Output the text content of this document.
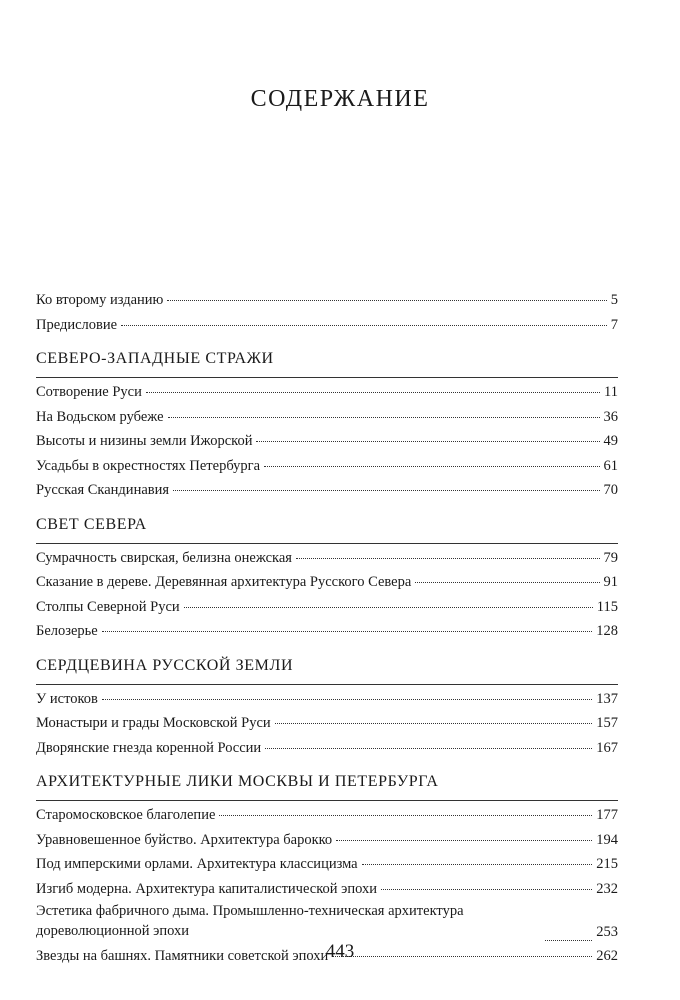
СОДЕРЖАНИЕ
Ко второму изданию	5
Предисловие	7
СЕВЕРО-ЗАПАДНЫЕ СТРАЖИ
Сотворение Руси	11
На Водьском рубеже	36
Высоты и низины земли Ижорской	49
Усадьбы в окрестностях Петербурга	61
Русская Скандинавия	70
СВЕТ СЕВЕРА
Сумрачность свирская, белизна онежская	79
Сказание в дереве. Деревянная архитектура Русского Севера	91
Столпы Северной Руси	115
Белозерье	128
СЕРДЦЕВИНА РУССКОЙ ЗЕМЛИ
У истоков	137
Монастыри и грады Московской Руси	157
Дворянские гнезда коренной России	167
АРХИТЕКТУРНЫЕ ЛИКИ МОСКВЫ И ПЕТЕРБУРГА
Старомосковское благолепие	177
Уравновешенное буйство. Архитектура барокко	194
Под имперскими орлами. Архитектура классицизма	215
Изгиб модерна. Архитектура капиталистической эпохи	232
Эстетика фабричного дыма. Промышленно-техническая архитектура дореволюционной эпохи	253
Звезды на башнях. Памятники советской эпохи	262
443
